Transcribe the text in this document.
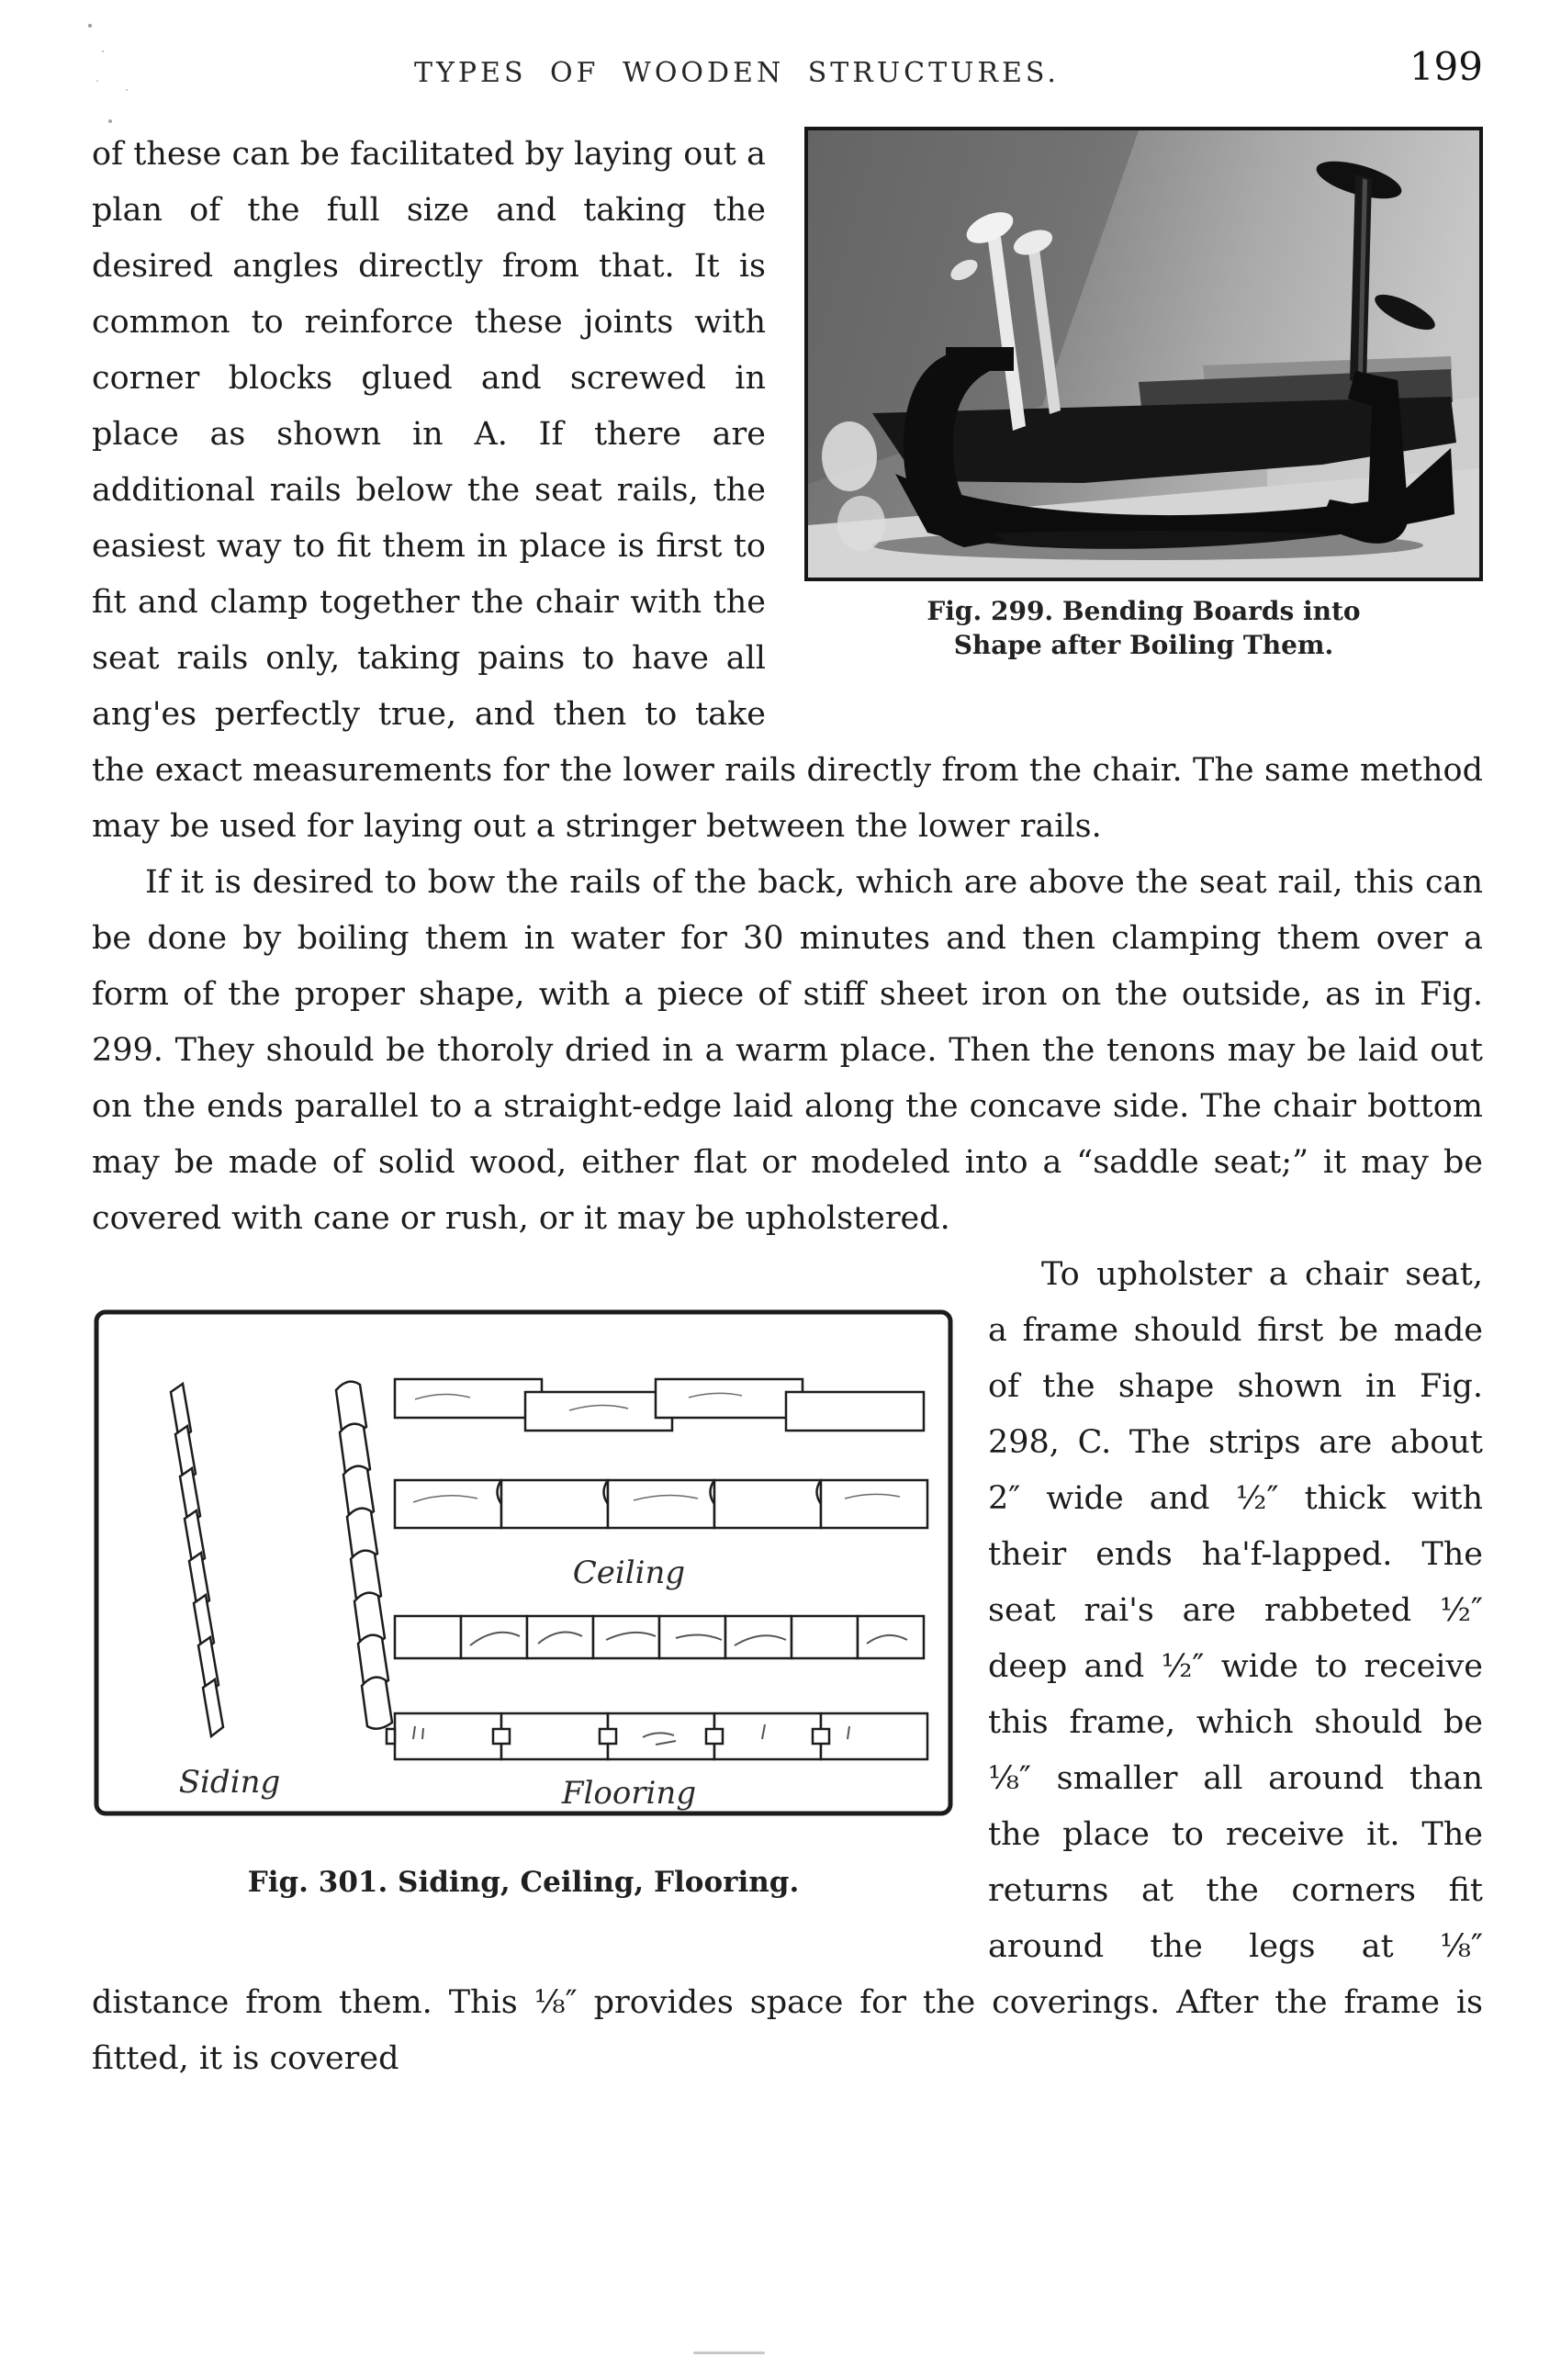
TYPES OF WOODEN STRUCTURES.	199
Fig. 299. Bending Boards into
Shape after Boiling Them.

of these can be facilitated by laying out a plan of the full size and taking the desired angles directly from that. It is common to reinforce these joints with corner blocks glued and screwed in place as shown in A. If there are additional rails below the seat rails, the easiest way to fit them in place is first to fit and clamp together the chair with the seat rails only, taking pains to have all ang'es perfectly true, and then to take the exact measurements for the lower rails directly from the chair. The same method may be used for laying out a stringer between the lower rails.

If it is desired to bow the rails of the back, which are above the seat rail, this can be done by boiling them in water for 30 minutes and then clamping them over a form of the proper shape, with a piece of stiff sheet iron on the outside, as in Fig. 299. They should be thoroly dried in a warm place. Then the tenons may be laid out on the ends parallel to a straight-edge laid along the concave side. The chair bottom may be made of solid wood, either flat or modeled into a “saddle seat;” it may be covered with cane or rush, or it may be upholstered.

Ceiling
Siding	Flooring
Fig. 301. Siding, Ceiling, Flooring.

To upholster a chair seat, a frame should first be made of the shape shown in Fig. 298, C. The strips are about 2″ wide and ½″ thick with their ends ha'f-lapped. The seat rai's are rabbeted ½″ deep and ½″ wide to receive this frame, which should be ⅛″ smaller all around than the place to receive it. The returns at the corners fit around the legs at ⅛″ distance from them. This ⅛″ provides space for the coverings. After the frame is fitted, it is covered
